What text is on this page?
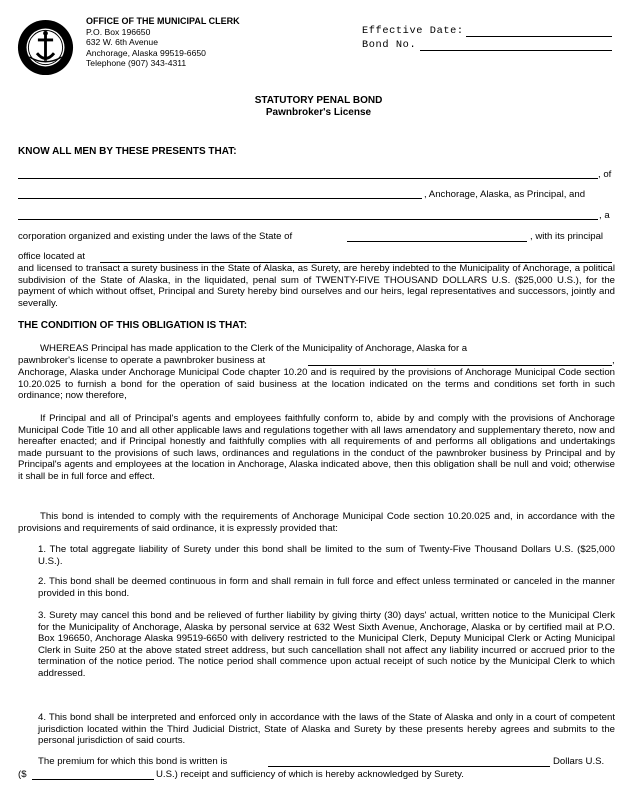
OFFICE OF THE MUNICIPAL CLERK
P.O. Box 196650
632 W. 6th Avenue
Anchorage, Alaska 99519-6650
Telephone (907) 343-4311
Effective Date:
Bond No.
STATUTORY PENAL BOND
Pawnbroker's License
KNOW ALL MEN BY THESE PRESENTS THAT:
, of
, Anchorage, Alaska, as Principal, and
, a
corporation organized and existing under the laws of the State of	, with its principal
office located at
and licensed to transact a surety business in the State of Alaska, as Surety, are hereby indebted to the Municipality of Anchorage, a political subdivision of the State of Alaska, in the liquidated, penal sum of TWENTY-FIVE THOUSAND DOLLARS U.S. ($25,000 U.S.), for the payment of which without offset, Principal and Surety hereby bind ourselves and our heirs, legal representatives and successors, jointly and severally.
THE CONDITION OF THIS OBLIGATION IS THAT:
WHEREAS Principal has made application to the Clerk of the Municipality of Anchorage, Alaska for a
pawnbroker's license to operate a pawnbroker business at	,
Anchorage, Alaska under Anchorage Municipal Code chapter 10.20 and is required by the provisions of Anchorage Municipal Code section 10.20.025 to furnish a bond for the operation of said business at the location indicated on the terms and conditions set forth in such ordinance; now therefore,
If Principal and all of Principal's agents and employees faithfully conform to, abide by and comply with the provisions of Anchorage Municipal Code Title 10 and all other applicable laws and regulations together with all laws amendatory and supplementary thereto, now and hereafter enacted; and if Principal honestly and faithfully complies with all requirements of and performs all obligations and undertakings made pursuant to the provisions of such laws, ordinances and regulations in the conduct of the pawnbroker business by Principal and by Principal's agents and employees at the location in Anchorage, Alaska indicated above, then this obligation shall be null and void; otherwise it shall be in full force and effect.
This bond is intended to comply with the requirements of Anchorage Municipal Code section 10.20.025 and, in accordance with the provisions and requirements of said ordinance, it is expressly provided that:
1. The total aggregate liability of Surety under this bond shall be limited to the sum of Twenty-Five Thousand Dollars U.S. ($25,000 U.S.).
2. This bond shall be deemed continuous in form and shall remain in full force and effect unless terminated or canceled in the manner provided in this bond.
3. Surety may cancel this bond and be relieved of further liability by giving thirty (30) days' actual, written notice to the Municipal Clerk for the Municipality of Anchorage, Alaska by personal service at 632 West Sixth Avenue, Anchorage, Alaska or by certified mail at P.O. Box 196650, Anchorage Alaska 99519-6650 with delivery restricted to the Municipal Clerk, Deputy Municipal Clerk or Acting Municipal Clerk in Suite 250 at the above stated street address, but such cancellation shall not affect any liability incurred or accrued prior to the termination of the notice period. The notice period shall commence upon actual receipt of such notice by the Municipal Clerk to which addressed.
4. This bond shall be interpreted and enforced only in accordance with the laws of the State of Alaska and only in a court of competent jurisdiction located within the Third Judicial District, State of Alaska and Surety by these presents hereby agrees and submits to the personal jurisdiction of said courts.
The premium for which this bond is written is	Dollars U.S.
($	U.S.) receipt and sufficiency of which is hereby acknowledged by Surety.
